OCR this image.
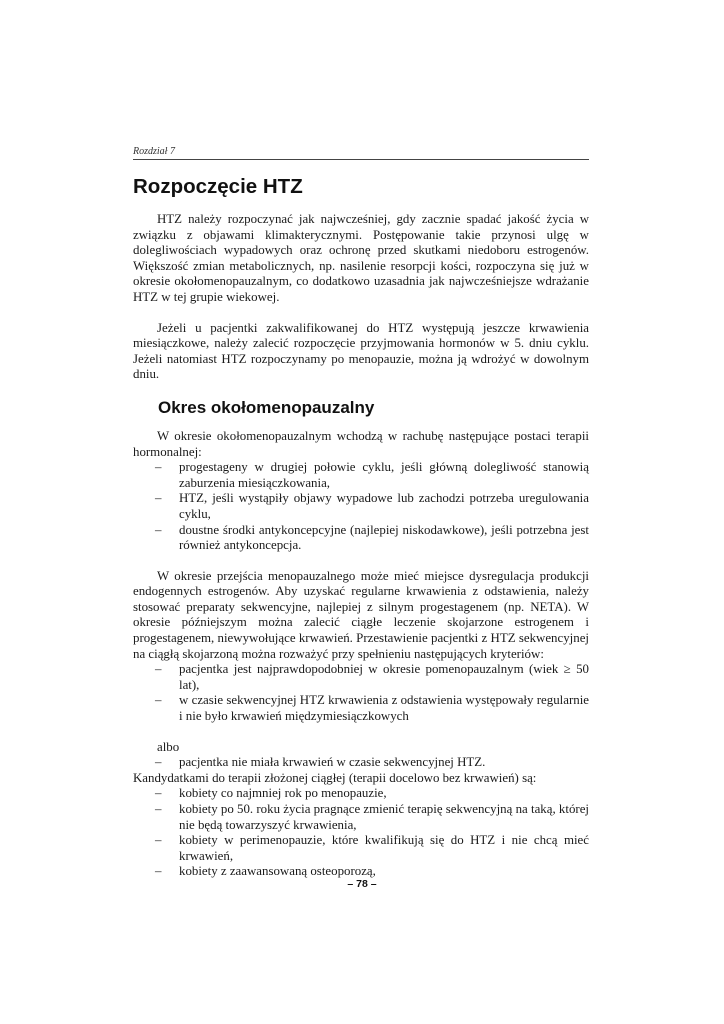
Rozdział 7
Rozpoczęcie HTZ

HTZ należy rozpoczynać jak najwcześniej, gdy zacznie spadać jakość życia w związku z objawami klimakterycznymi. Postępowanie takie przynosi ulgę w dolegliwościach wypadowych oraz ochronę przed skutkami niedoboru estrogenów. Większość zmian metabolicznych, np. nasilenie resorpcji kości, rozpoczyna się już w okresie okołomenopauzalnym, co dodatkowo uzasadnia jak najwcześniejsze wdrażanie HTZ w tej grupie wiekowej.

Jeżeli u pacjentki zakwalifikowanej do HTZ występują jeszcze krwawienia miesiączkowe, należy zalecić rozpoczęcie przyjmowania hormonów w 5. dniu cyklu. Jeżeli natomiast HTZ rozpoczynamy po menopauzie, można ją wdrożyć w dowolnym dniu.

Okres okołomenopauzalny

W okresie okołomenopauzalnym wchodzą w rachubę następujące postaci terapii hormonalnej:

– progestageny w drugiej połowie cyklu, jeśli główną dolegliwość stanowią zaburzenia miesiączkowania,
– HTZ, jeśli wystąpiły objawy wypadowe lub zachodzi potrzeba uregulowania cyklu,
– doustne środki antykoncepcyjne (najlepiej niskodawkowe), jeśli potrzebna jest również antykoncepcja.

W okresie przejścia menopauzalnego może mieć miejsce dysregulacja produkcji endogennych estrogenów. Aby uzyskać regularne krwawienia z odstawienia, należy stosować preparaty sekwencyjne, najlepiej z silnym progestagenem (np. NETA). W okresie późniejszym można zalecić ciągłe leczenie skojarzone estrogenem i progestagenem, niewywołujące krwawień. Przestawienie pacjentki z HTZ sekwencyjnej na ciągłą skojarzoną można rozważyć przy spełnieniu następujących kryteriów:

– pacjentka jest najprawdopodobniej w okresie pomenopauzalnym (wiek ≥ 50 lat),
– w czasie sekwencyjnej HTZ krwawienia z odstawienia występowały regularnie i nie było krwawień międzymiesiączkowych
albo
– pacjentka nie miała krwawień w czasie sekwencyjnej HTZ.

Kandydatkami do terapii złożonej ciągłej (terapii docelowo bez krwawień) są:

– kobiety co najmniej rok po menopauzie,
– kobiety po 50. roku życia pragnące zmienić terapię sekwencyjną na taką, której nie będą towarzyszyć krwawienia,
– kobiety w perimenopauzie, które kwalifikują się do HTZ i nie chcą mieć krwawień,
– kobiety z zaawansowaną osteoporozą,
– 78 –
